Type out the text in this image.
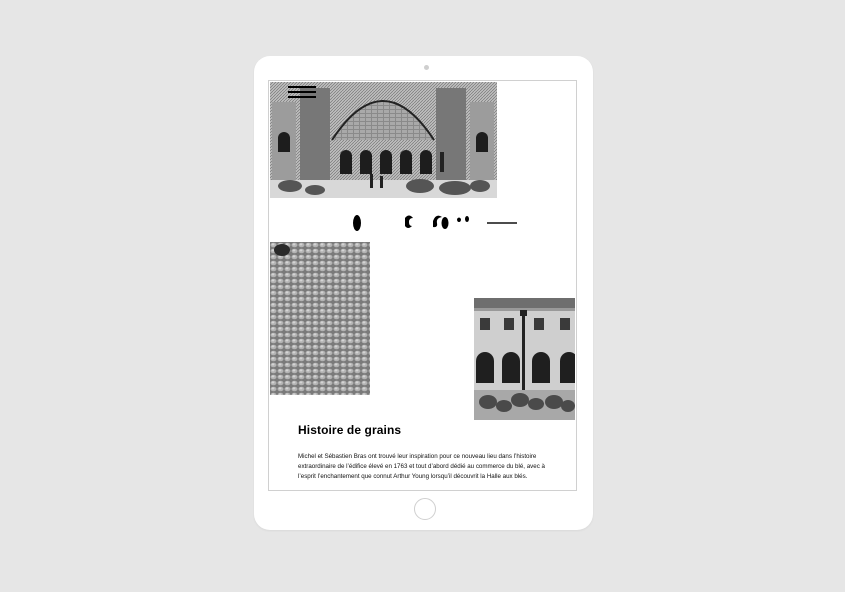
Histoire de grains

Michel et Sébastien Bras ont trouvé leur inspiration pour ce nouveau lieu dans l’histoire extraordinaire de l’édifice élevé en 1763 et tout d’abord dédié au commerce du blé, avec à l’esprit l’enchantement que connut Arthur Young lorsqu’il découvrit la Halle aux blés.
